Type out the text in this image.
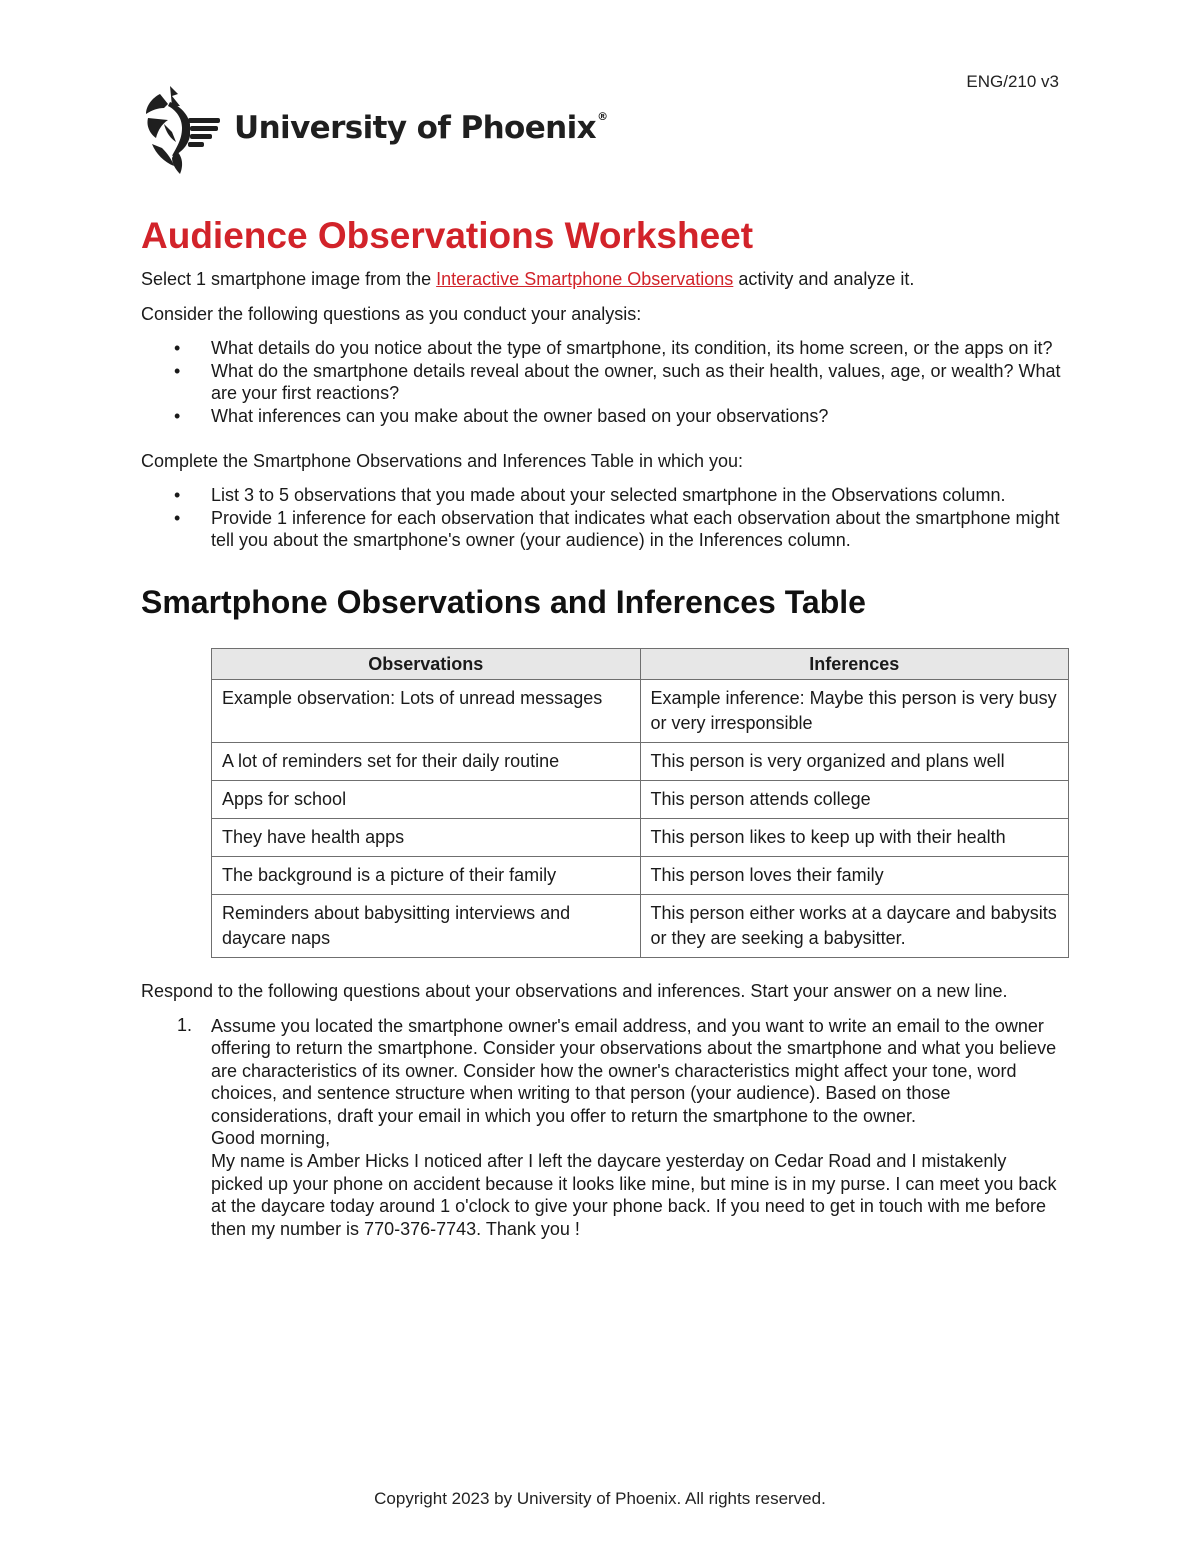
ENG/210 v3
University of Phoenix®
Audience Observations Worksheet

Select 1 smartphone image from the Interactive Smartphone Observations activity and analyze it.

Consider the following questions as you conduct your analysis:

• What details do you notice about the type of smartphone, its condition, its home screen, or the apps on it?
• What do the smartphone details reveal about the owner, such as their health, values, age, or wealth? What are your first reactions?
• What inferences can you make about the owner based on your observations?

Complete the Smartphone Observations and Inferences Table in which you:

• List 3 to 5 observations that you made about your selected smartphone in the Observations column.
• Provide 1 inference for each observation that indicates what each observation about the smartphone might tell you about the smartphone's owner (your audience) in the Inferences column.
Smartphone Observations and Inferences Table
Observations	Inferences
Example observation: Lots of unread messages	Example inference: Maybe this person is very busy or very irresponsible
A lot of reminders set for their daily routine	This person is very organized and plans well
Apps for school	This person attends college
They have health apps	This person likes to keep up with their health
The background is a picture of their family	This person loves their family
Reminders about babysitting interviews and daycare naps	This person either works at a daycare and babysits or they are seeking a babysitter.

Respond to the following questions about your observations and inferences. Start your answer on a new line.

1. Assume you located the smartphone owner's email address, and you want to write an email to the owner offering to return the smartphone. Consider your observations about the smartphone and what you believe are characteristics of its owner. Consider how the owner's characteristics might affect your tone, word choices, and sentence structure when writing to that person (your audience). Based on those considerations, draft your email in which you offer to return the smartphone to the owner.

Good morning,

My name is Amber Hicks I noticed after I left the daycare yesterday on Cedar Road and I mistakenly picked up your phone on accident because it looks like mine, but mine is in my purse. I can meet you back at the daycare today around 1 o'clock to give your phone back. If you need to get in touch with me before then my number is 770-376-7743. Thank you !

Copyright 2023 by University of Phoenix. All rights reserved.
